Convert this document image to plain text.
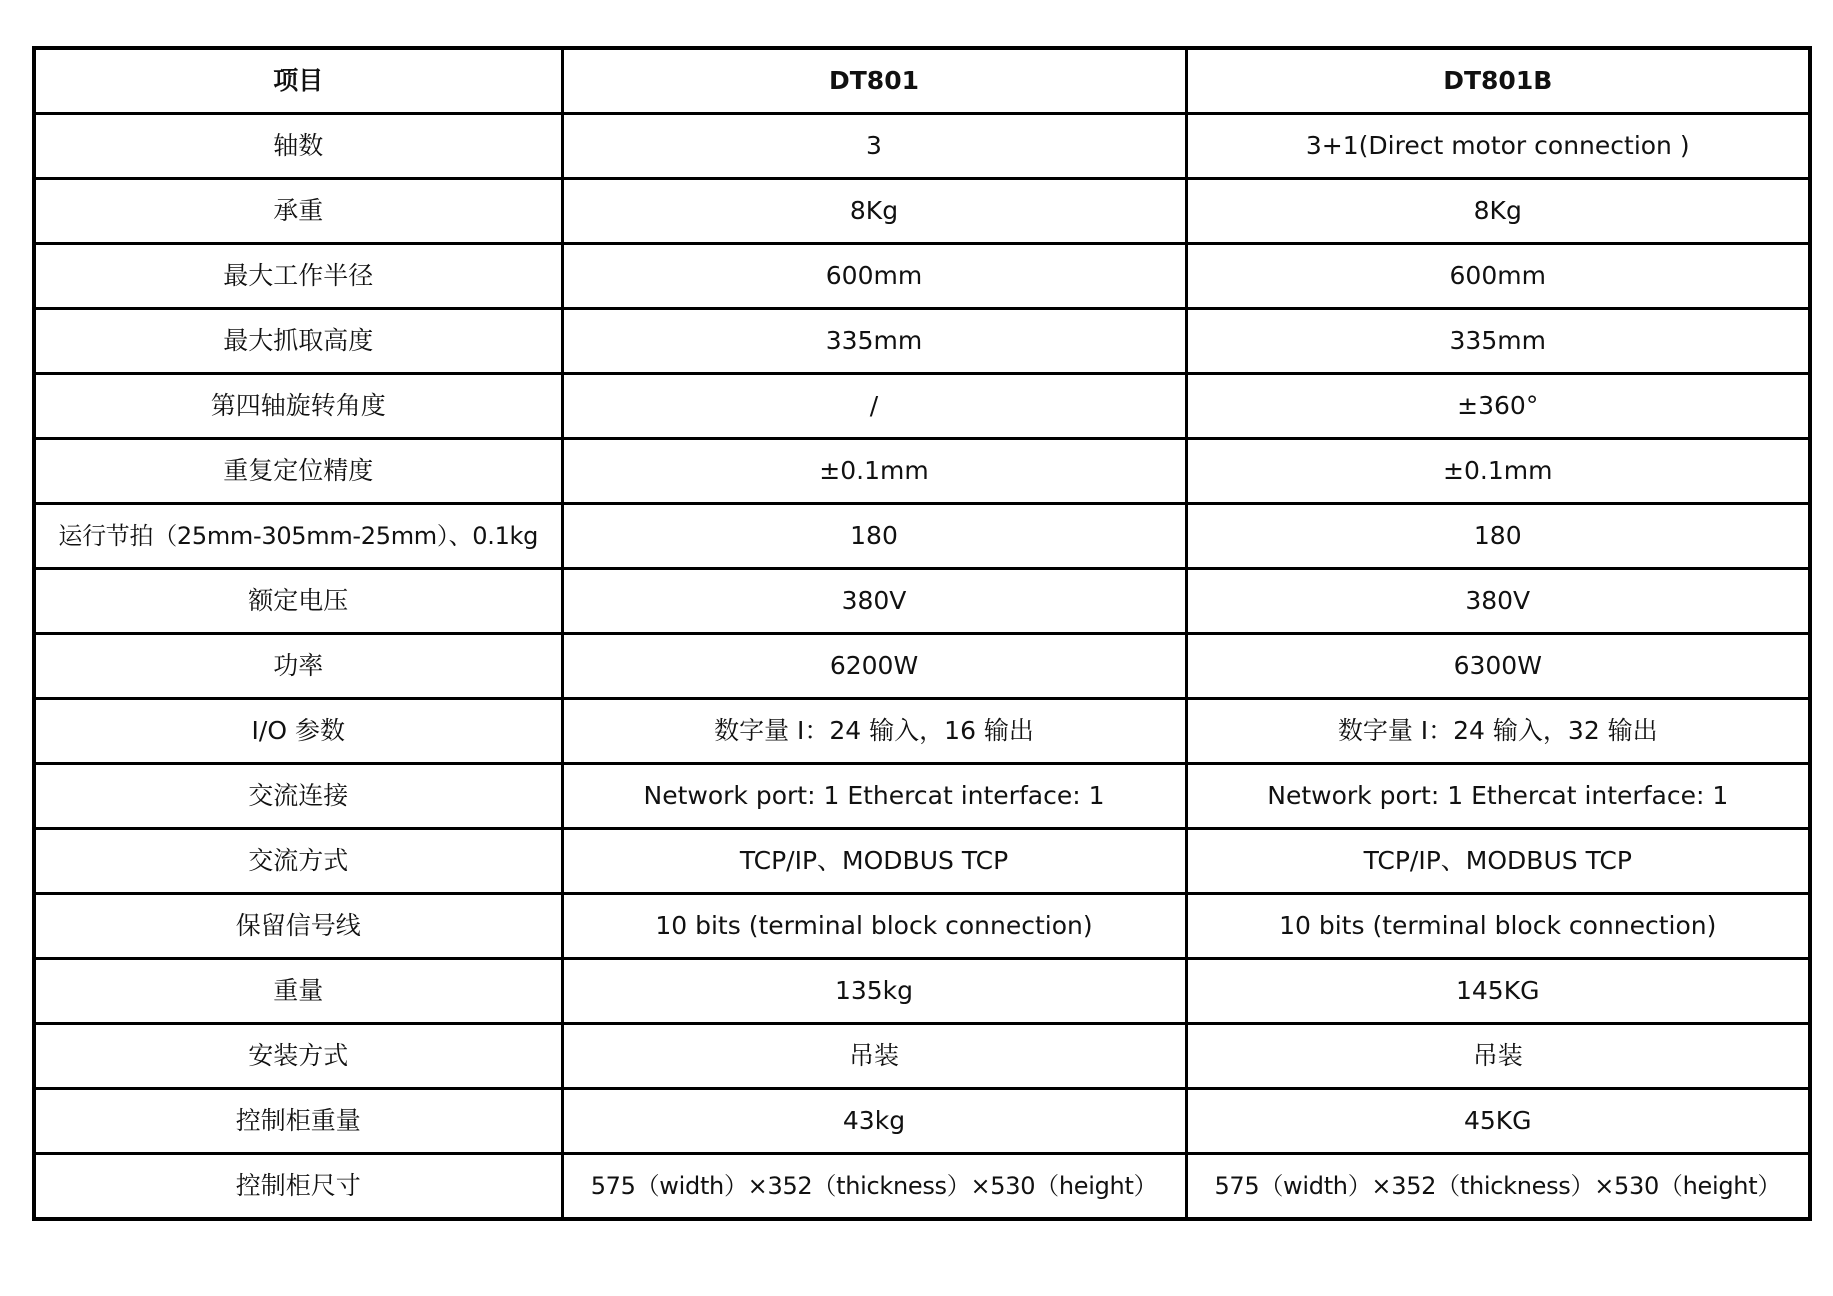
项目	DT801	DT801B
轴数	3	3+1(Direct motor connection )
承重	8Kg	8Kg
最大工作半径	600mm	600mm
最大抓取高度	335mm	335mm
第四轴旋转角度	/	±360°
重复定位精度	±0.1mm	±0.1mm
运行节拍（25mm-305mm-25mm）、0.1kg	180	180
额定电压	380V	380V
功率	6200W	6300W
I/O 参数	数字量 I：24 输入，16 输出	数字量 I：24 输入，32 输出
交流连接	Network port: 1 Ethercat interface: 1	Network port: 1 Ethercat interface: 1
交流方式	TCP/IP、MODBUS TCP	TCP/IP、MODBUS TCP
保留信号线	10 bits (terminal block connection)	10 bits (terminal block connection)
重量	135kg	145KG
安装方式	吊装	吊装
控制柜重量	43kg	45KG
控制柜尺寸	575（width）×352（thickness）×530（height）	575（width）×352（thickness）×530（height）
